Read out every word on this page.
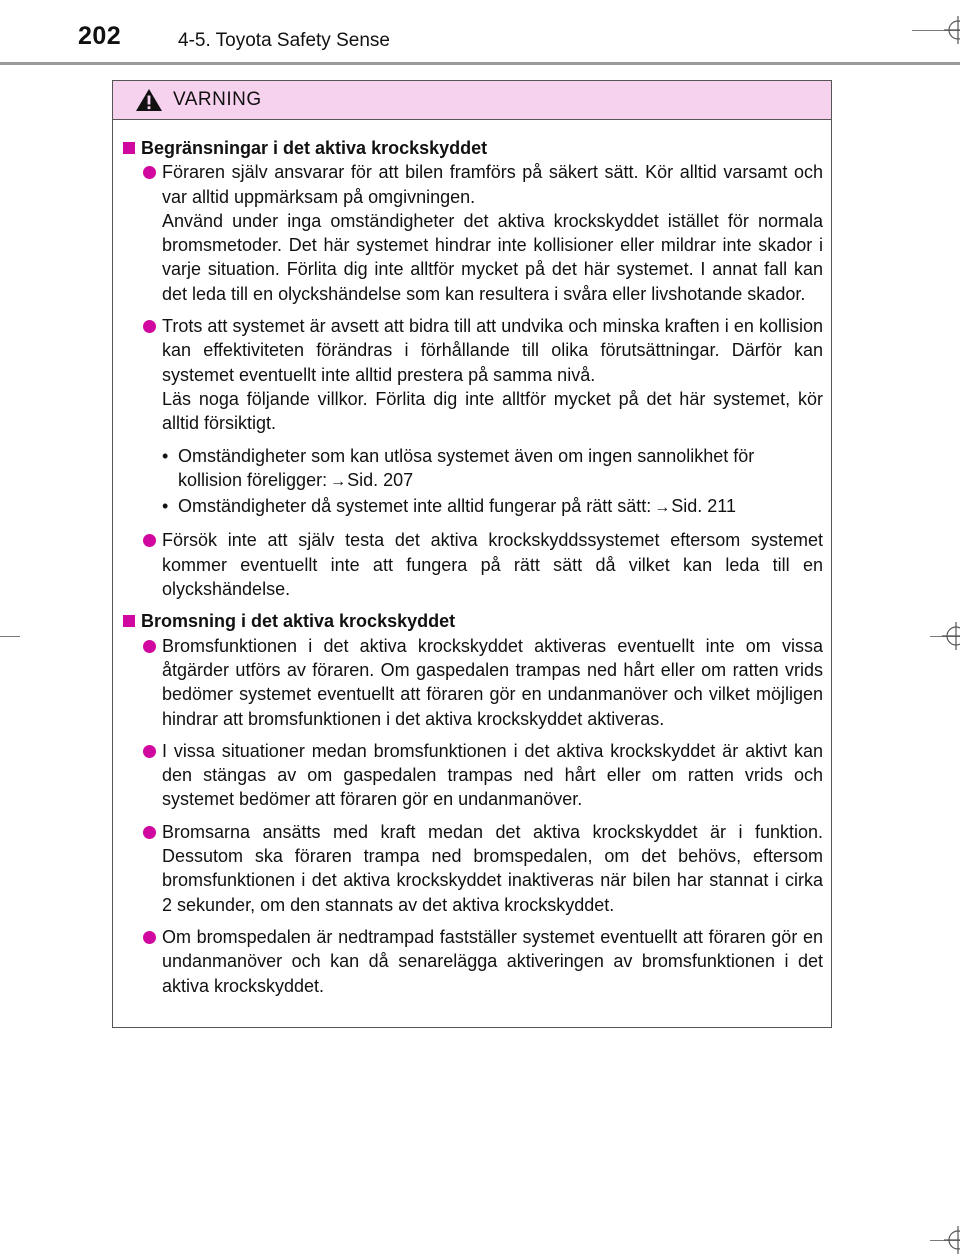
202	4-5. Toyota Safety Sense
VARNING
Begränsningar i det aktiva krockskyddet

Föraren själv ansvarar för att bilen framförs på säkert sätt. Kör alltid varsamt och var alltid uppmärksam på omgivningen.

Använd under inga omständigheter det aktiva krockskyddet istället för normala bromsmetoder. Det här systemet hindrar inte kollisioner eller mildrar inte skador i varje situation. Förlita dig inte alltför mycket på det här systemet. I annat fall kan det leda till en olyckshändelse som kan resultera i svåra eller livshotande skador.

Trots att systemet är avsett att bidra till att undvika och minska kraften i en kollision kan effektiviteten förändras i förhållande till olika förutsättningar. Därför kan systemet eventuellt inte alltid prestera på samma nivå.

Läs noga följande villkor. Förlita dig inte alltför mycket på det här systemet, kör alltid försiktigt.

• Omständigheter som kan utlösa systemet även om ingen sannolikhet för kollision föreligger: →Sid. 207
• Omständigheter då systemet inte alltid fungerar på rätt sätt: →Sid. 211

Försök inte att själv testa det aktiva krockskyddssystemet eftersom systemet kommer eventuellt inte att fungera på rätt sätt då vilket kan leda till en olyckshändelse.

Bromsning i det aktiva krockskyddet

Bromsfunktionen i det aktiva krockskyddet aktiveras eventuellt inte om vissa åtgärder utförs av föraren. Om gaspedalen trampas ned hårt eller om ratten vrids bedömer systemet eventuellt att föraren gör en undanmanöver och vilket möjligen hindrar att bromsfunktionen i det aktiva krockskyddet aktiveras.

I vissa situationer medan bromsfunktionen i det aktiva krockskyddet är aktivt kan den stängas av om gaspedalen trampas ned hårt eller om ratten vrids och systemet bedömer att föraren gör en undanmanöver.

Bromsarna ansätts med kraft medan det aktiva krockskyddet är i funktion. Dessutom ska föraren trampa ned bromspedalen, om det behövs, eftersom bromsfunktionen i det aktiva krockskyddet inaktiveras när bilen har stannat i cirka 2 sekunder, om den stannats av det aktiva krockskyddet.

Om bromspedalen är nedtrampad fastställer systemet eventuellt att föraren gör en undanmanöver och kan då senarelägga aktiveringen av bromsfunktionen i det aktiva krockskyddet.
